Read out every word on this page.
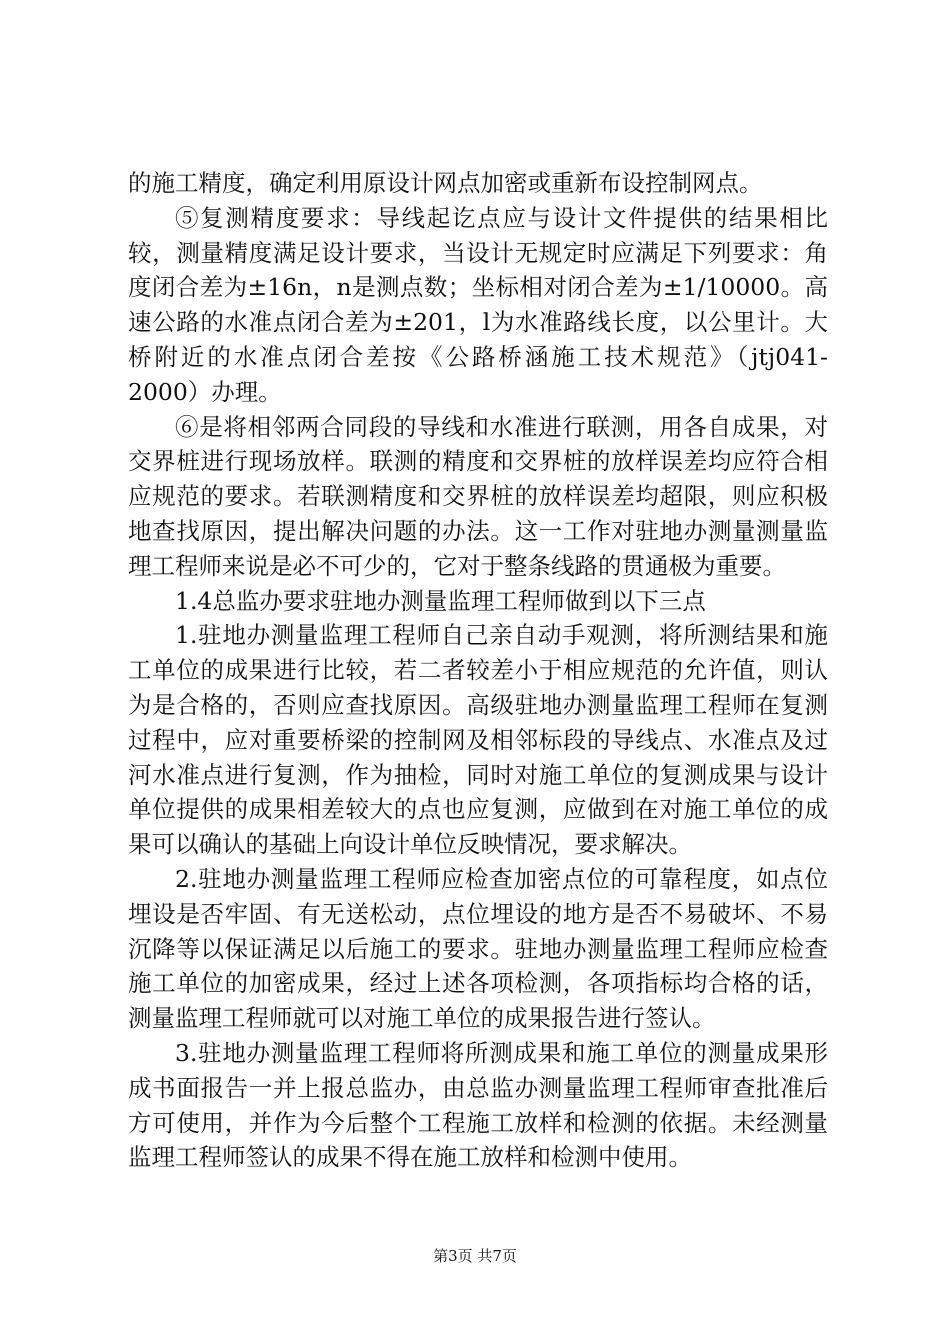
的施工精度，确定利用原设计网点加密或重新布设控制网点。

⑤复测精度要求：导线起讫点应与设计文件提供的结果相比较，测量精度满足设计要求，当设计无规定时应满足下列要求：角度闭合差为±16n，n是测点数；坐标相对闭合差为±1/10000。高速公路的水准点闭合差为±201，l为水准路线长度，以公里计。大桥附近的水准点闭合差按《公路桥涵施工技术规范》（jtj041-2000）办理。

⑥是将相邻两合同段的导线和水准进行联测，用各自成果，对交界桩进行现场放样。联测的精度和交界桩的放样误差均应符合相应规范的要求。若联测精度和交界桩的放样误差均超限，则应积极地查找原因，提出解决问题的办法。这一工作对驻地办测量测量监理工程师来说是必不可少的，它对于整条线路的贯通极为重要。

1.4总监办要求驻地办测量监理工程师做到以下三点

1.驻地办测量监理工程师自己亲自动手观测，将所测结果和施工单位的成果进行比较，若二者较差小于相应规范的允许值，则认为是合格的，否则应查找原因。高级驻地办测量监理工程师在复测过程中，应对重要桥梁的控制网及相邻标段的导线点、水准点及过河水准点进行复测，作为抽检，同时对施工单位的复测成果与设计单位提供的成果相差较大的点也应复测，应做到在对施工单位的成果可以确认的基础上向设计单位反映情况，要求解决。

2.驻地办测量监理工程师应检查加密点位的可靠程度，如点位埋设是否牢固、有无送松动，点位埋设的地方是否不易破坏、不易沉降等以保证满足以后施工的要求。驻地办测量监理工程师应检查施工单位的加密成果，经过上述各项检测，各项指标均合格的话，测量监理工程师就可以对施工单位的成果报告进行签认。

3.驻地办测量监理工程师将所测成果和施工单位的测量成果形成书面报告一并上报总监办，由总监办测量监理工程师审查批准后方可使用，并作为今后整个工程施工放样和检测的依据。未经测量监理工程师签认的成果不得在施工放样和检测中使用。

第3页 共7页
